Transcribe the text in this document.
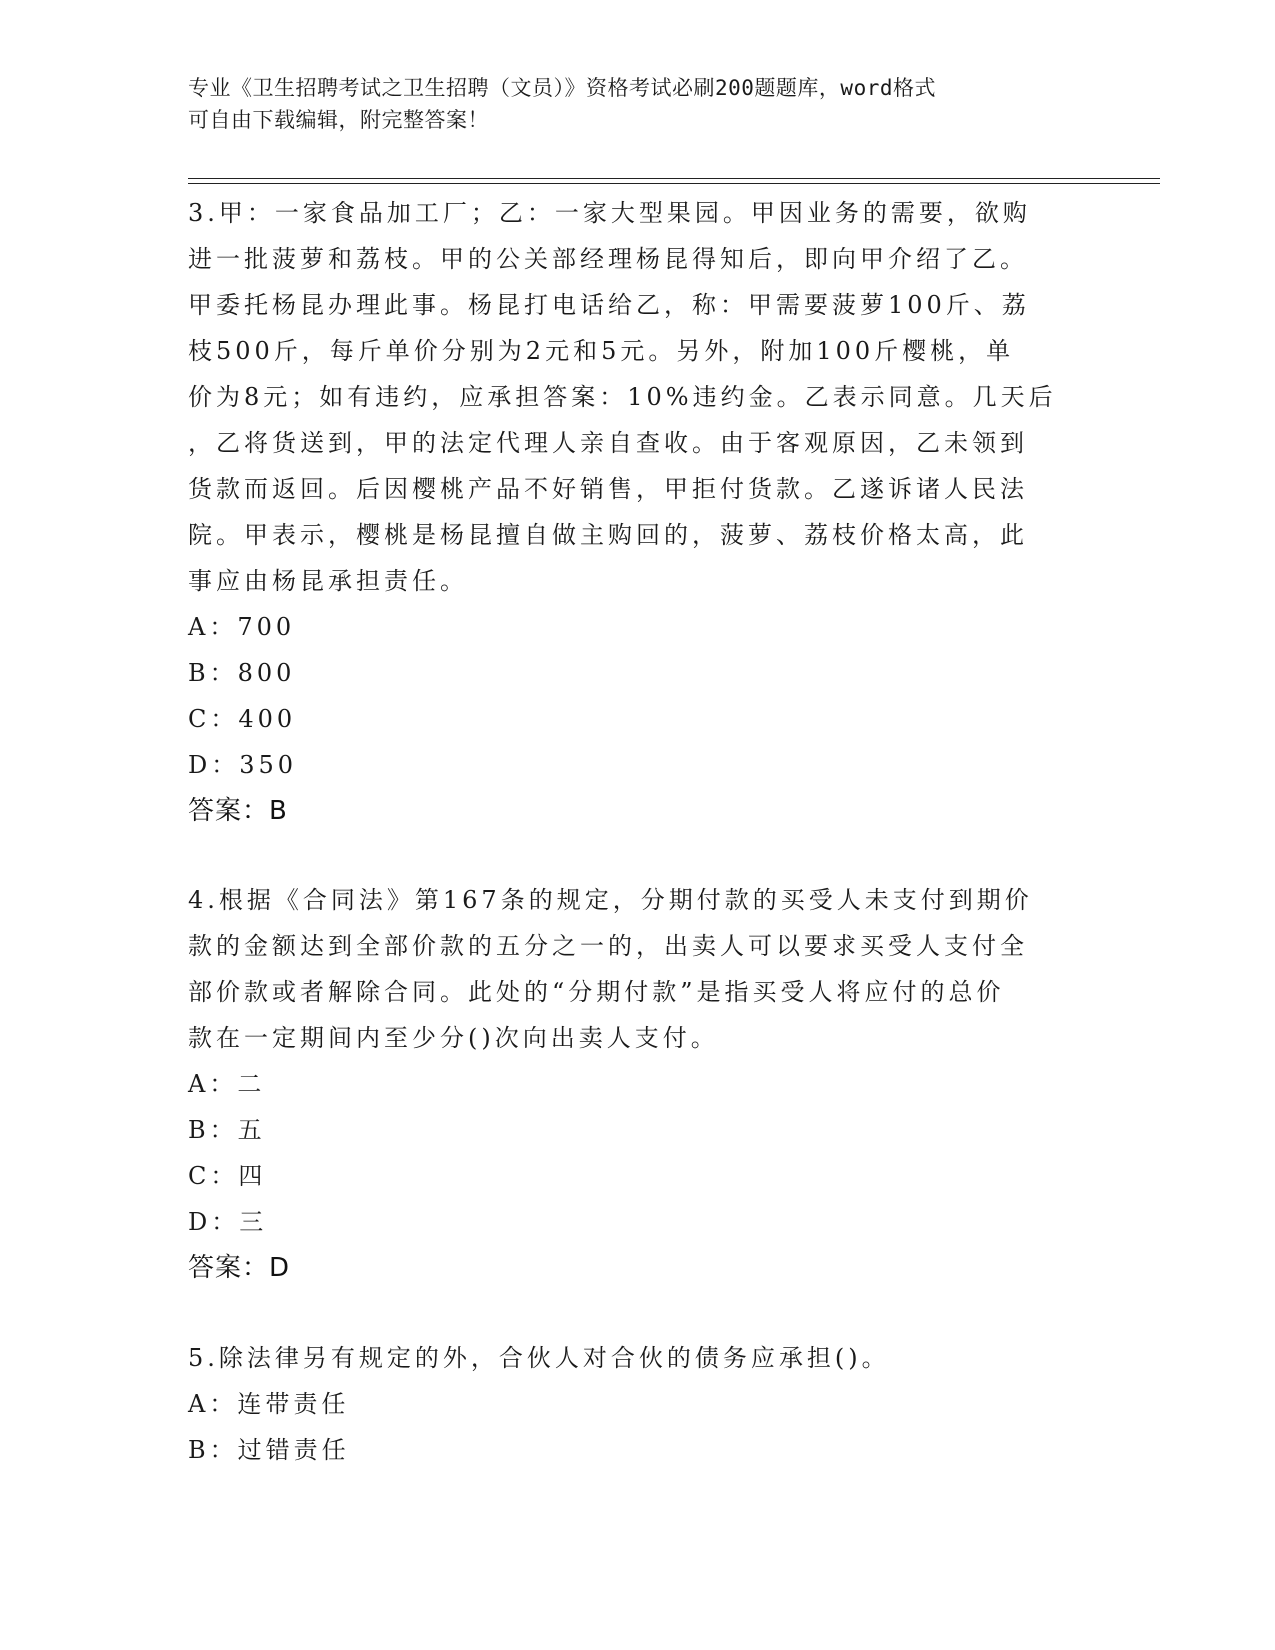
专业《卫生招聘考试之卫生招聘（文员）》资格考试必刷200题题库，word格式
可自由下载编辑，附完整答案！

3.甲：一家食品加工厂；乙：一家大型果园。甲因业务的需要，欲购

进一批菠萝和荔枝。甲的公关部经理杨昆得知后，即向甲介绍了乙。

甲委托杨昆办理此事。杨昆打电话给乙，称：甲需要菠萝100斤、荔

枝500斤，每斤单价分别为2元和5元。另外，附加100斤樱桃，单

价为8元；如有违约，应承担答案：10%违约金。乙表示同意。几天后

，乙将货送到，甲的法定代理人亲自查收。由于客观原因，乙未领到

货款而返回。后因樱桃产品不好销售，甲拒付货款。乙遂诉诸人民法

院。甲表示，樱桃是杨昆擅自做主购回的，菠萝、荔枝价格太高，此

事应由杨昆承担责任。

A：700

B：800

C：400

D：350

答案：B

4.根据《合同法》第167条的规定，分期付款的买受人未支付到期价

款的金额达到全部价款的五分之一的，出卖人可以要求买受人支付全

部价款或者解除合同。此处的“分期付款”是指买受人将应付的总价

款在一定期间内至少分()次向出卖人支付。

A：二

B：五

C：四

D：三

答案：D

5.除法律另有规定的外，合伙人对合伙的债务应承担()。

A：连带责任

B：过错责任
